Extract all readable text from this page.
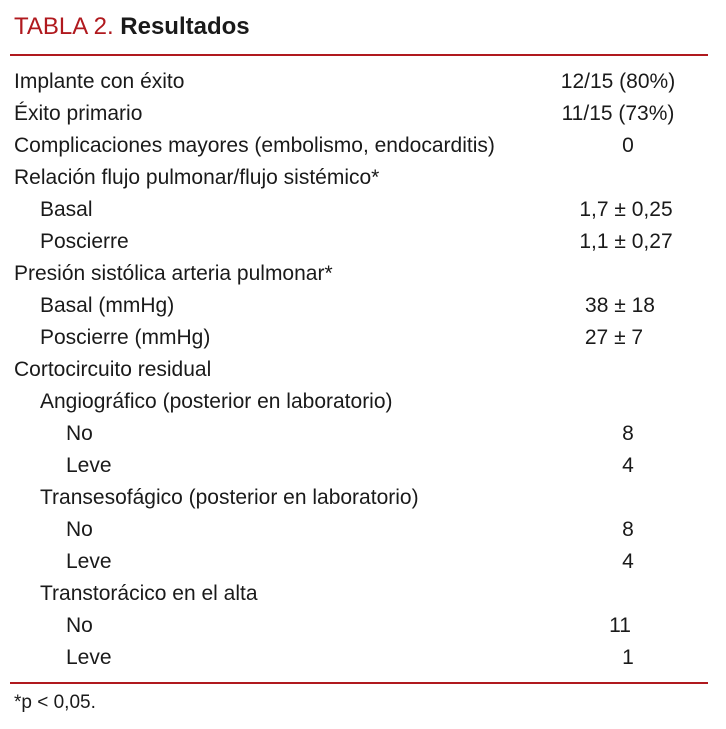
TABLA 2. Resultados
Implante con éxito	12/15 (80%)
Éxito primario	11/15 (73%)
Complicaciones mayores (embolismo, endocarditis)	0
Relación flujo pulmonar/flujo sistémico*
Basal	1,7 ± 0,25
Poscierre	1,1 ± 0,27
Presión sistólica arteria pulmonar*
Basal (mmHg)	38 ± 18
Poscierre (mmHg)	27 ± 7
Cortocircuito residual
Angiográfico (posterior en laboratorio)
No	8
Leve	4
Transesofágico (posterior en laboratorio)
No	8
Leve	4
Transtorácico en el alta
No	11
Leve	1
*p < 0,05.
